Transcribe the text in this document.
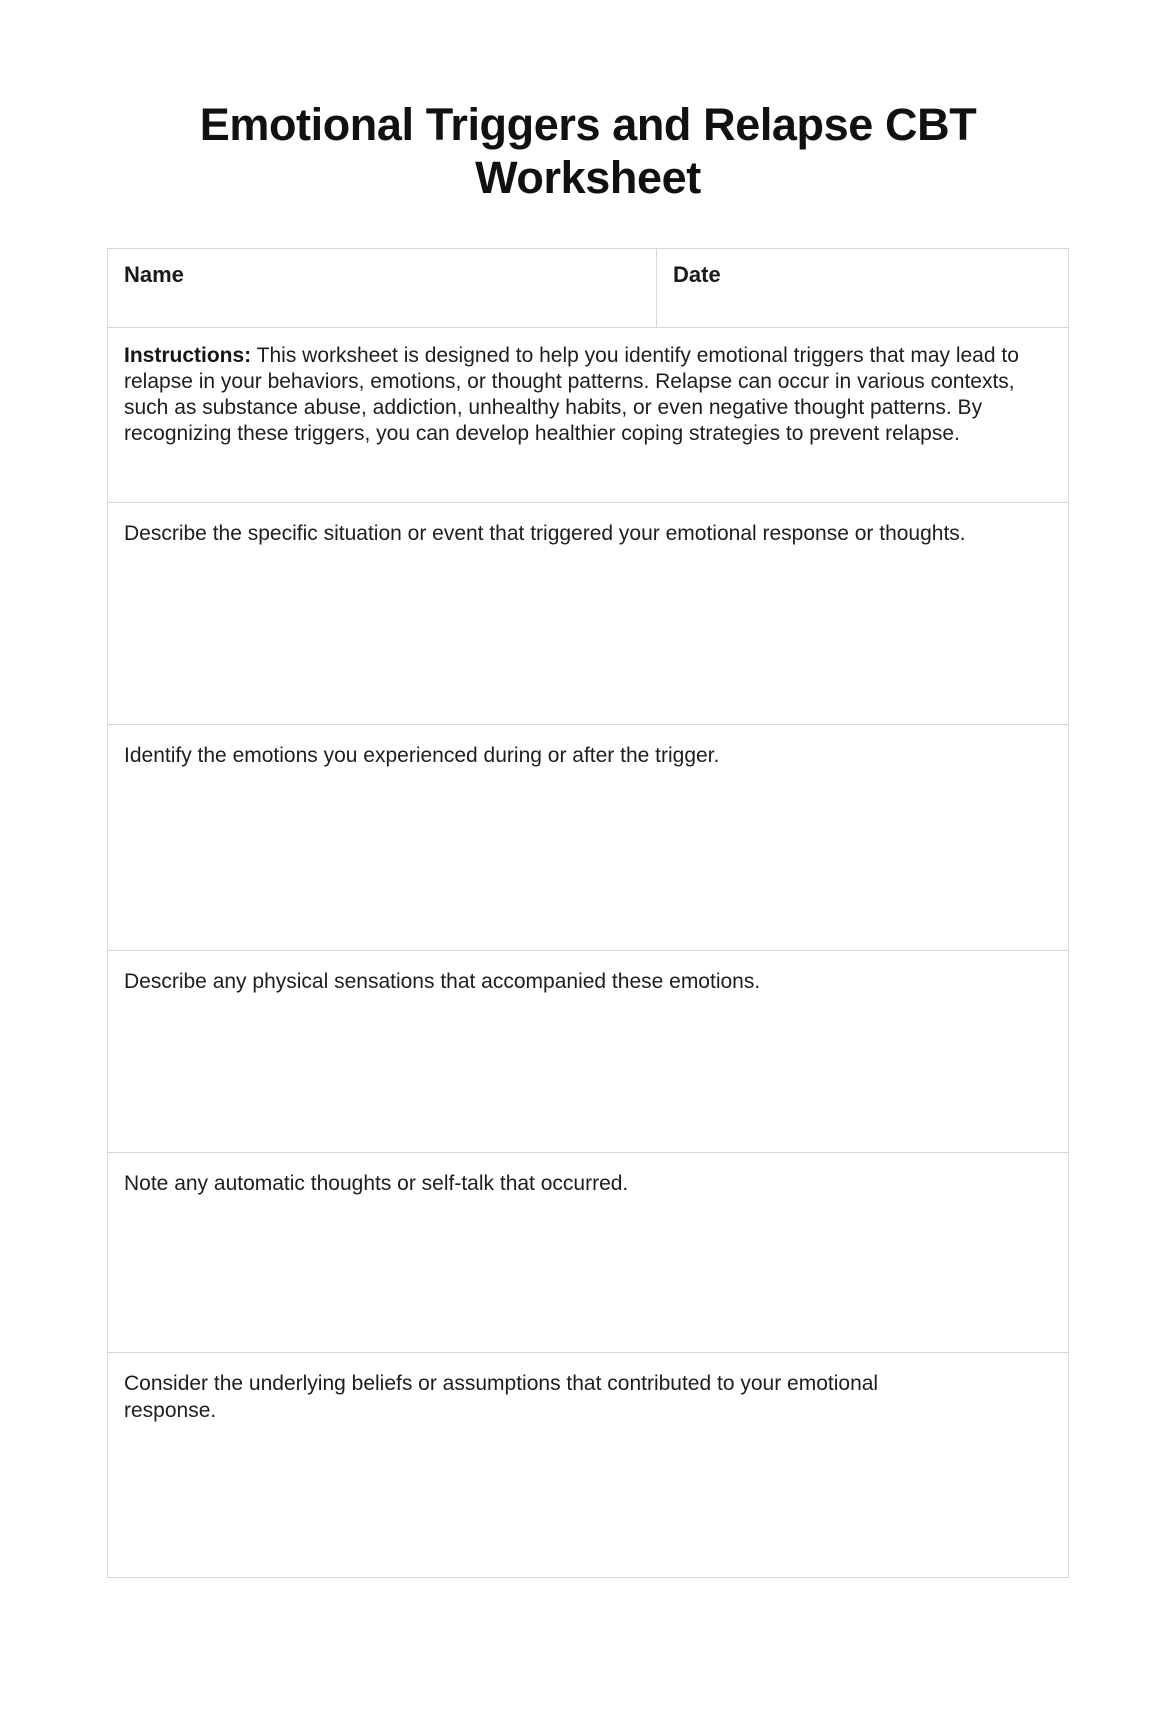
Emotional Triggers and Relapse CBT Worksheet
Name	Date

Instructions: This worksheet is designed to help you identify emotional triggers that may lead to relapse in your behaviors, emotions, or thought patterns. Relapse can occur in various contexts, such as substance abuse, addiction, unhealthy habits, or even negative thought patterns. By recognizing these triggers, you can develop healthier coping strategies to prevent relapse.

Describe the specific situation or event that triggered your emotional response or thoughts.

Identify the emotions you experienced during or after the trigger.

Describe any physical sensations that accompanied these emotions.

Note any automatic thoughts or self-talk that occurred.

Consider the underlying beliefs or assumptions that contributed to your emotional response.
